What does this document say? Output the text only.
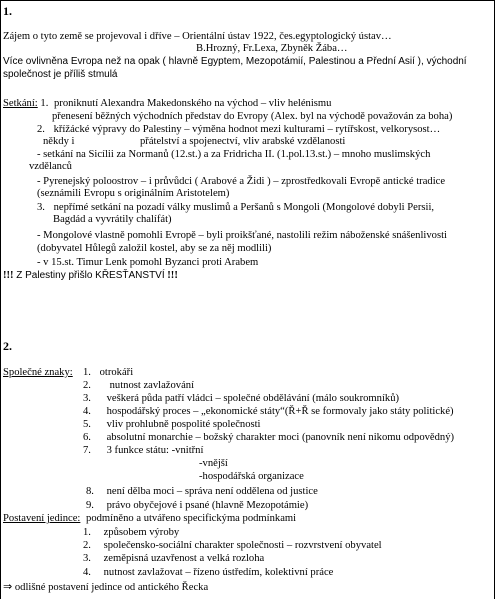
1.
Zájem o tyto země se projevoval i dříve – Orientální ústav 1922, čes.egyptologický ústav…
B.Hrozný, Fr.Lexa, Zbyněk Žába…
Více ovlivněna Evropa než na opak ( hlavně Egyptem, Mezopotámií, Palestinou a Přední Asií ), východní
společnost je příliš stmulá
Setkání: 1. proniknutí Alexandra Makedonského na východ – vliv helénismu
přenesení běžných východních představ do Evropy (Alex. byl na východě považován za boha)
2. křížácké výpravy do Palestiny – výměna hodnot mezi kulturami – rytířskost, velkorysost…
někdy i	přátelství a spojenectví, vliv arabské vzdělanosti
- setkání na Sicílii za Normanů (12.st.) a za Fridricha II. (1.pol.13.st.) – mnoho muslimských
vzdělanců
- Pyrenejský poloostrov – i průvůdci ( Arabové a Židi ) – zprostředkovali Evropě antické tradice
(seznámili Evropu s originálním Aristotelem)
3. nepřímé setkání na pozadí války muslimů a Peršanů s Mongoli (Mongolové dobyli Persii,
Bagdád a vyvrátily chalífát)
- Mongolové vlastně pomohli Evropě – byli proikšťané, nastolili režim náboženské snášenlivosti
(dobyvatel Hůlegů založil kostel, aby se za něj modlili)
- v 15.st. Timur Lenk pomohl Byzanci proti Arabem
!!! Z Palestiny přišlo KŘESŤANSTVÍ !!!
2.
Společné znaky: 1. otrokáři
2. nutnost zavlažování
3. veškerá půda patří vládci – společné obdělávání (málo soukromníků)
4. hospodářský proces – „ekonomické státy“(Ř+Ř se formovaly jako státy politické)
5. vliv prohlubně pospolité společnosti
6. absolutní monarchie – božský charakter moci (panovník není nikomu odpovědný)
7. 3 funkce státu: -vnitřní
-vnější
-hospodářská organizace
8. není dělba moci – správa není oddělena od justice
9. právo obyčejové i psané (hlavně Mezopotámie)
Postavení jedince: podmíněno a utvářeno specifickýma podmínkami
1. způsobem výroby
2. společensko-sociální charakter společnosti – rozvrstvení obyvatel
3. zeměpisná uzavřenost a velká rozloha
4. nutnost zavlažovat – řízeno ústředím, kolektivní práce
⇒ odlišné postavení jedince od antického Řecka
